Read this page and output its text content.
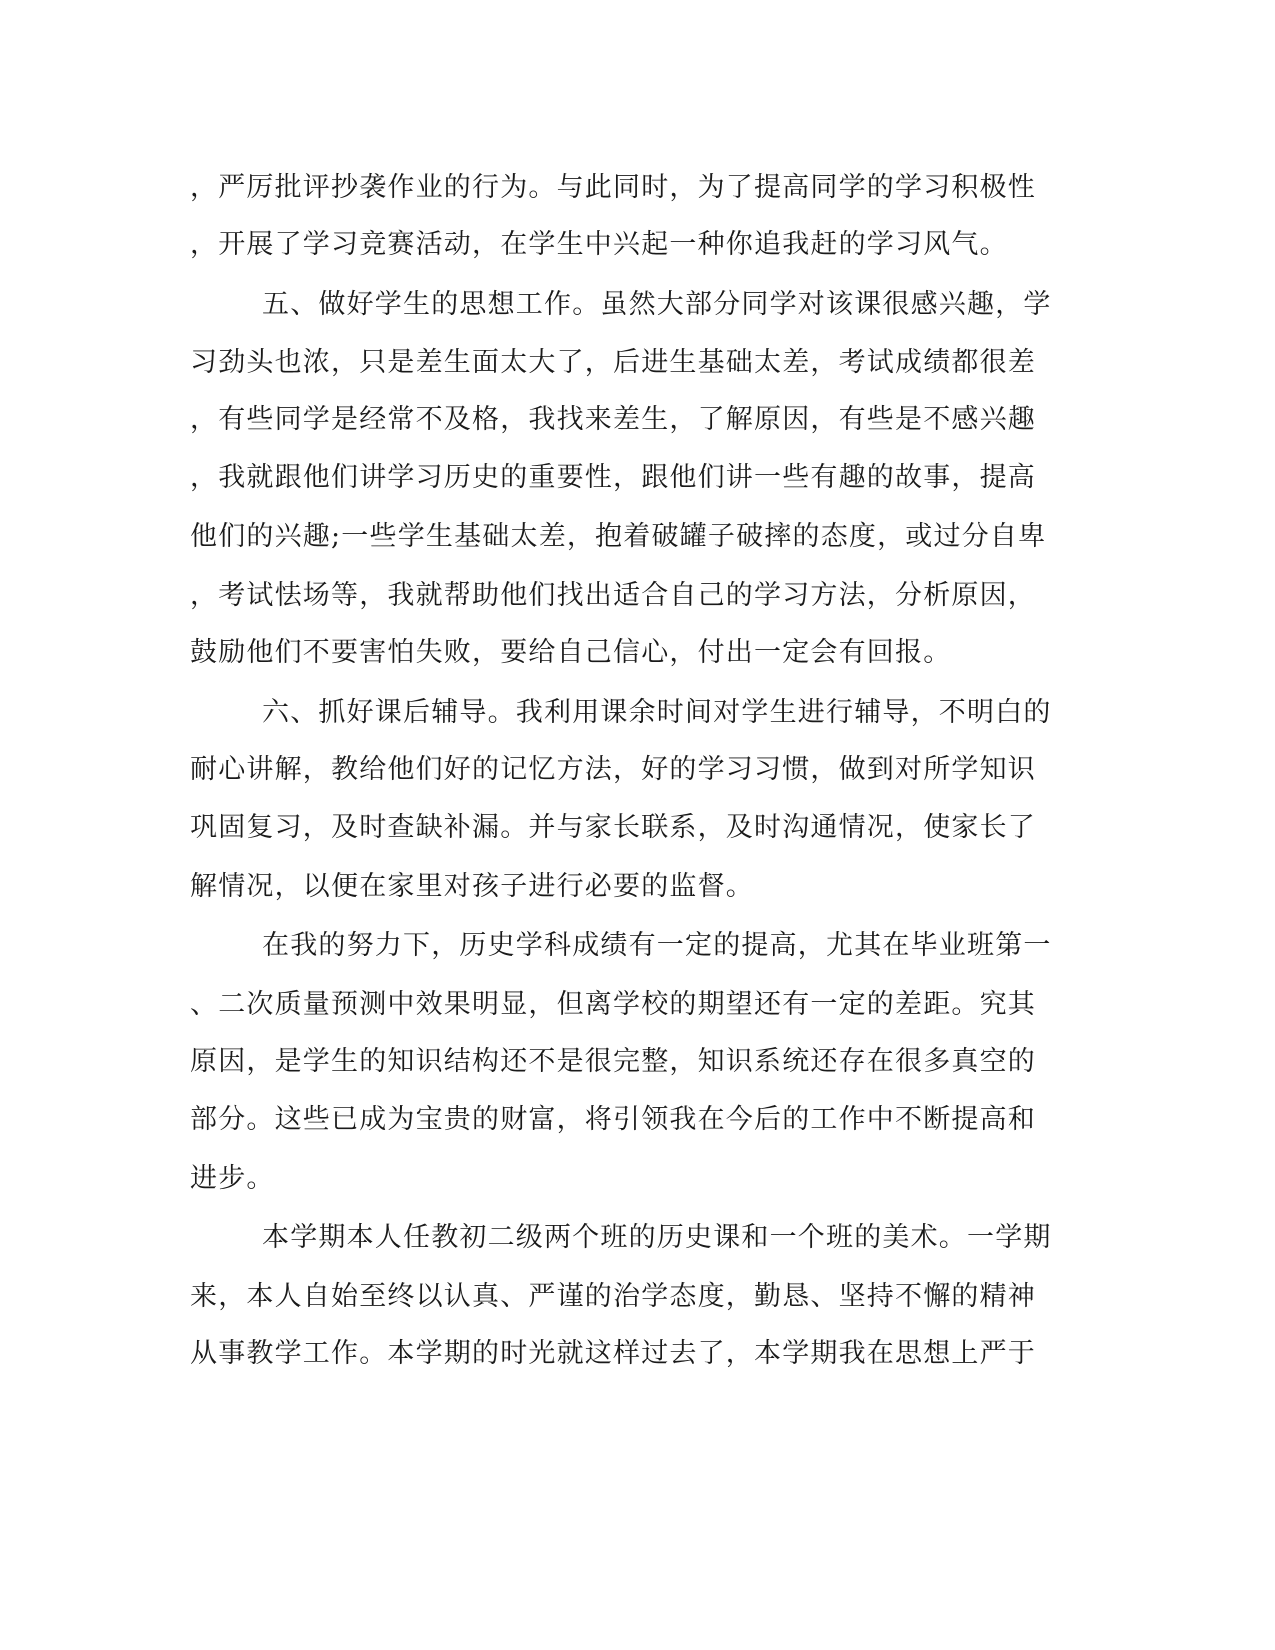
，严厉批评抄袭作业的行为。与此同时，为了提高同学的学习积极性
，开展了学习竞赛活动，在学生中兴起一种你追我赶的学习风气。
五、做好学生的思想工作。虽然大部分同学对该课很感兴趣，学
习劲头也浓，只是差生面太大了，后进生基础太差，考试成绩都很差
，有些同学是经常不及格，我找来差生，了解原因，有些是不感兴趣
，我就跟他们讲学习历史的重要性，跟他们讲一些有趣的故事，提高
他们的兴趣;一些学生基础太差，抱着破罐子破摔的态度，或过分自卑
，考试怯场等，我就帮助他们找出适合自己的学习方法，分析原因，
鼓励他们不要害怕失败，要给自己信心，付出一定会有回报。
六、抓好课后辅导。我利用课余时间对学生进行辅导，不明白的
耐心讲解，教给他们好的记忆方法，好的学习习惯，做到对所学知识
巩固复习，及时查缺补漏。并与家长联系，及时沟通情况，使家长了
解情况，以便在家里对孩子进行必要的监督。
在我的努力下，历史学科成绩有一定的提高，尤其在毕业班第一
、二次质量预测中效果明显，但离学校的期望还有一定的差距。究其
原因，是学生的知识结构还不是很完整，知识系统还存在很多真空的
部分。这些已成为宝贵的财富，将引领我在今后的工作中不断提高和
进步。
本学期本人任教初二级两个班的历史课和一个班的美术。一学期
来，本人自始至终以认真、严谨的治学态度，勤恳、坚持不懈的精神
从事教学工作。本学期的时光就这样过去了，本学期我在思想上严于
